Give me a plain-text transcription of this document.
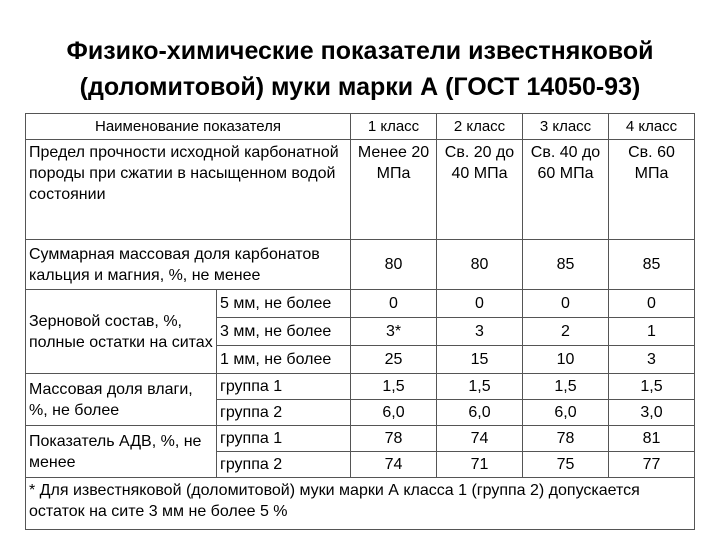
Физико-химические показатели известняковой
(доломитовой) муки марки А (ГОСТ 14050-93)
Наименование показателя		1 класс	2 класс	3 класс	4 класс
Предел прочности исходной карбонатной породы при сжатии в насыщенном водой состоянии		Менее 20 МПа	Св. 20 до 40 МПа	Св. 40 до 60 МПа	Св. 60 МПа
Суммарная массовая доля карбонатов кальция и магния, %, не менее		80	80	85	85
Зерновой состав, %, полные остатки на ситах	5 мм, не более	0	0	0	0
	3 мм, не более	3*	3	2	1
	1 мм, не более	25	15	10	3
Массовая доля влаги, %, не более	группа 1	1,5	1,5	1,5	1,5
	группа 2	6,0	6,0	6,0	3,0
Показатель АДВ, %, не менее	группа 1	78	74	78	81
	группа 2	74	71	75	77
* Для известняковой (доломитовой) муки марки А класса 1 (группа 2) допускается остаток на сите 3 мм не более 5 %					
